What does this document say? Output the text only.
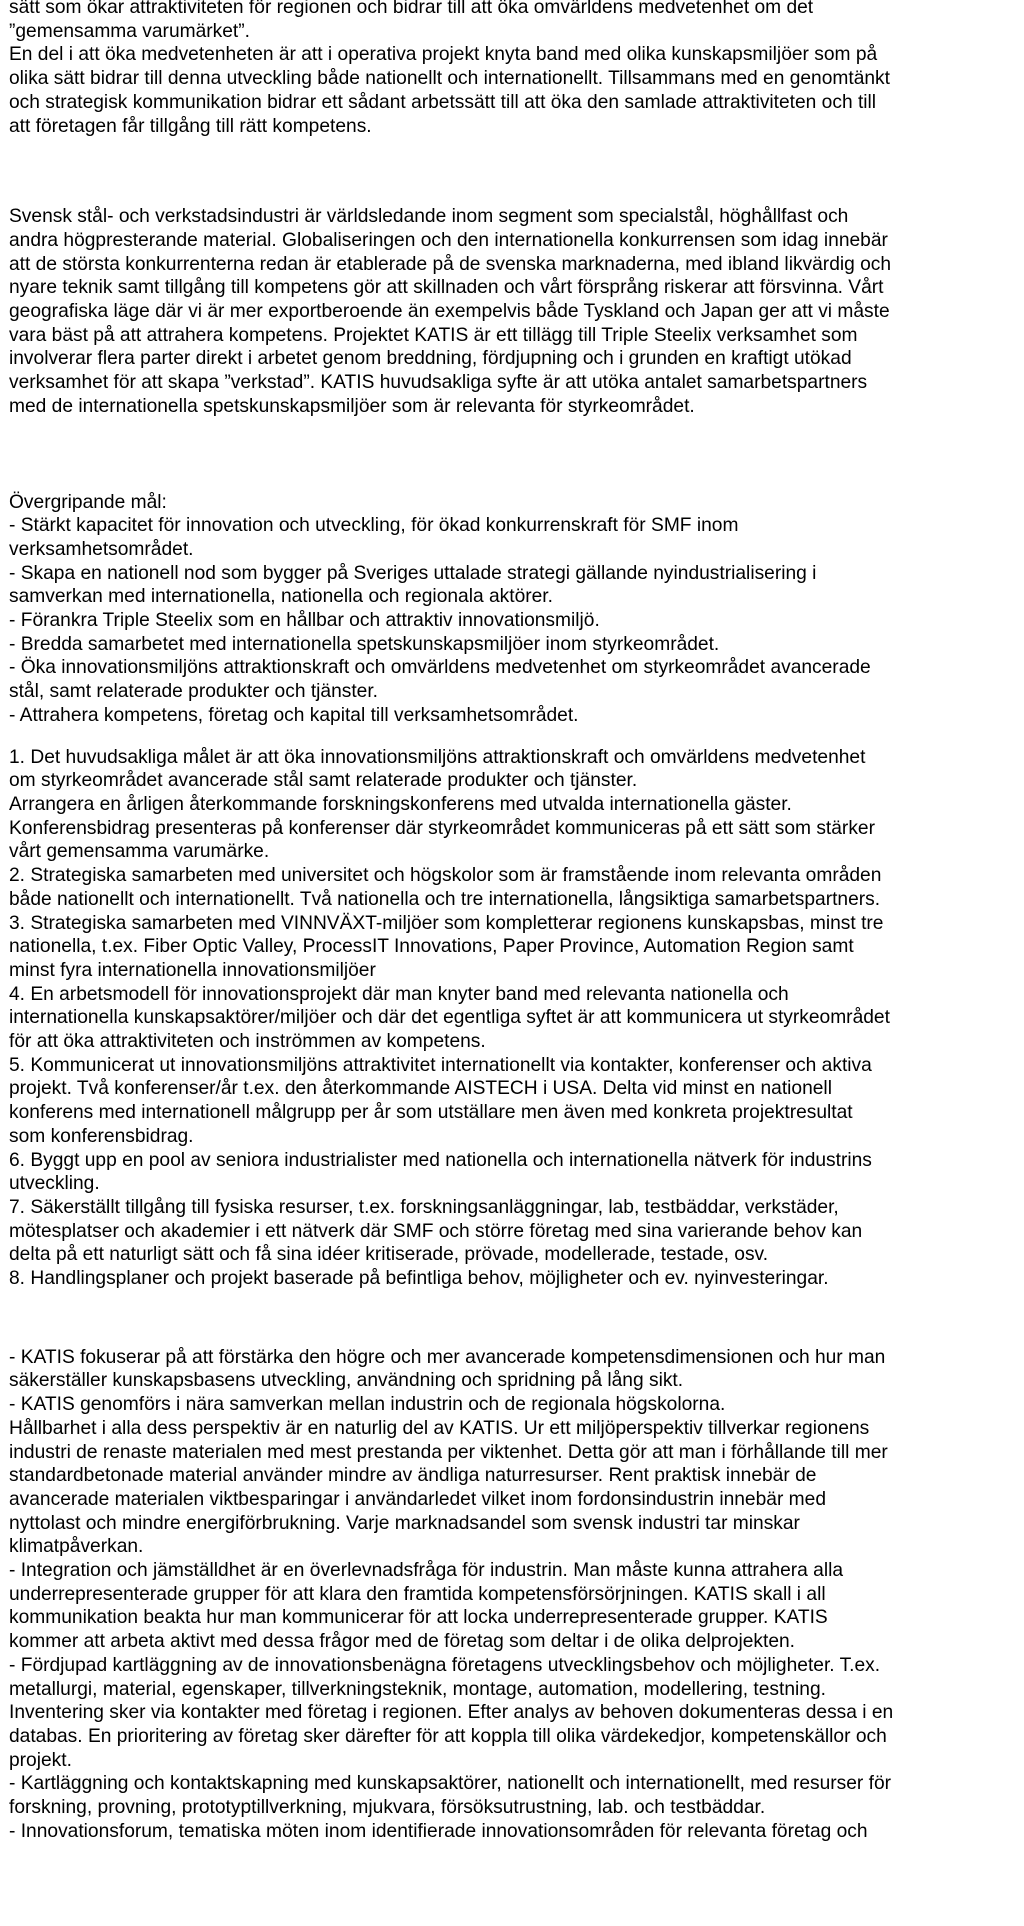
sätt som ökar attraktiviteten för regionen och bidrar till att öka omvärldens medvetenhet om det
”gemensamma varumärket”.
En del i att öka medvetenheten är att i operativa projekt knyta band med olika kunskapsmiljöer som på
olika sätt bidrar till denna utveckling både nationellt och internationellt. Tillsammans med en genomtänkt
och strategisk kommunikation bidrar ett sådant arbetssätt till att öka den samlade attraktiviteten och till
att företagen får tillgång till rätt kompetens.
Svensk stål- och verkstadsindustri är världsledande inom segment som specialstål, höghållfast och
andra högpresterande material. Globaliseringen och den internationella konkurrensen som idag innebär
att de största konkurrenterna redan är etablerade på de svenska marknaderna, med ibland likvärdig och
nyare teknik samt tillgång till kompetens gör att skillnaden och vårt försprång riskerar att försvinna. Vårt
geografiska läge där vi är mer exportberoende än exempelvis både Tyskland och Japan ger att vi måste
vara bäst på att attrahera kompetens. Projektet KATIS är ett tillägg till Triple Steelix verksamhet som
involverar flera parter direkt i arbetet genom breddning, fördjupning och i grunden en kraftigt utökad
verksamhet för att skapa ”verkstad”. KATIS huvudsakliga syfte är att utöka antalet samarbetspartners
med de internationella spetskunskapsmiljöer som är relevanta för styrkeområdet.
Övergripande mål:
- Stärkt kapacitet för innovation och utveckling, för ökad konkurrenskraft för SMF inom
verksamhetsområdet.
- Skapa en nationell nod som bygger på Sveriges uttalade strategi gällande nyindustrialisering i
samverkan med internationella, nationella och regionala aktörer.
- Förankra Triple Steelix som en hållbar och attraktiv innovationsmiljö.
- Bredda samarbetet med internationella spetskunskapsmiljöer inom styrkeområdet.
- Öka innovationsmiljöns attraktionskraft och omvärldens medvetenhet om styrkeområdet avancerade
stål, samt relaterade produkter och tjänster.
- Attrahera kompetens, företag och kapital till verksamhetsområdet.
1. Det huvudsakliga målet är att öka innovationsmiljöns attraktionskraft och omvärldens medvetenhet
om styrkeområdet avancerade stål samt relaterade produkter och tjänster.
Arrangera en årligen återkommande forskningskonferens med utvalda internationella gäster.
Konferensbidrag presenteras på konferenser där styrkeområdet kommuniceras på ett sätt som stärker
vårt gemensamma varumärke.
2. Strategiska samarbeten med universitet och högskolor som är framstående inom relevanta områden
både nationellt och internationellt. Två nationella och tre internationella, långsiktiga samarbetspartners.
3. Strategiska samarbeten med VINNVÄXT-miljöer som kompletterar regionens kunskapsbas, minst tre
nationella, t.ex. Fiber Optic Valley, ProcessIT Innovations, Paper Province, Automation Region samt
minst fyra internationella innovationsmiljöer
4. En arbetsmodell för innovationsprojekt där man knyter band med relevanta nationella och
internationella kunskapsaktörer/miljöer och där det egentliga syftet är att kommunicera ut styrkeområdet
för att öka attraktiviteten och inströmmen av kompetens.
5. Kommunicerat ut innovationsmiljöns attraktivitet internationellt via kontakter, konferenser och aktiva
projekt. Två konferenser/år t.ex. den återkommande AISTECH i USA. Delta vid minst en nationell
konferens med internationell målgrupp per år som utställare men även med konkreta projektresultat
som konferensbidrag.
6. Byggt upp en pool av seniora industrialister med nationella och internationella nätverk för industrins
utveckling.
7. Säkerställt tillgång till fysiska resurser, t.ex. forskningsanläggningar, lab, testbäddar, verkstäder,
mötesplatser och akademier i ett nätverk där SMF och större företag med sina varierande behov kan
delta på ett naturligt sätt och få sina idéer kritiserade, prövade, modellerade, testade, osv.
8. Handlingsplaner och projekt baserade på befintliga behov, möjligheter och ev. nyinvesteringar.
- KATIS fokuserar på att förstärka den högre och mer avancerade kompetensdimensionen och hur man
säkerställer kunskapsbasens utveckling, användning och spridning på lång sikt.
- KATIS genomförs i nära samverkan mellan industrin och de regionala högskolorna.
Hållbarhet i alla dess perspektiv är en naturlig del av KATIS. Ur ett miljöperspektiv tillverkar regionens
industri de renaste materialen med mest prestanda per viktenhet. Detta gör att man i förhållande till mer
standardbetonade material använder mindre av ändliga naturresurser. Rent praktisk innebär de
avancerade materialen viktbesparingar i användarledet vilket inom fordonsindustrin innebär med
nyttolast och mindre energiförbrukning. Varje marknadsandel som svensk industri tar minskar
klimatpåverkan.
- Integration och jämställdhet är en överlevnadsfråga för industrin. Man måste kunna attrahera alla
underrepresenterade grupper för att klara den framtida kompetensförsörjningen. KATIS skall i all
kommunikation beakta hur man kommunicerar för att locka underrepresenterade grupper. KATIS
kommer att arbeta aktivt med dessa frågor med de företag som deltar i de olika delprojekten.
- Fördjupad kartläggning av de innovationsbenägna företagens utvecklingsbehov och möjligheter. T.ex.
metallurgi, material, egenskaper, tillverkningsteknik, montage, automation, modellering, testning.
Inventering sker via kontakter med företag i regionen. Efter analys av behoven dokumenteras dessa i en
databas. En prioritering av företag sker därefter för att koppla till olika värdekedjor, kompetenskällor och
projekt.
- Kartläggning och kontaktskapning med kunskapsaktörer, nationellt och internationellt, med resurser för
forskning, provning, prototyptillverkning, mjukvara, försöksutrustning, lab. och testbäddar.
- Innovationsforum, tematiska möten inom identifierade innovationsområden för relevanta företag och
